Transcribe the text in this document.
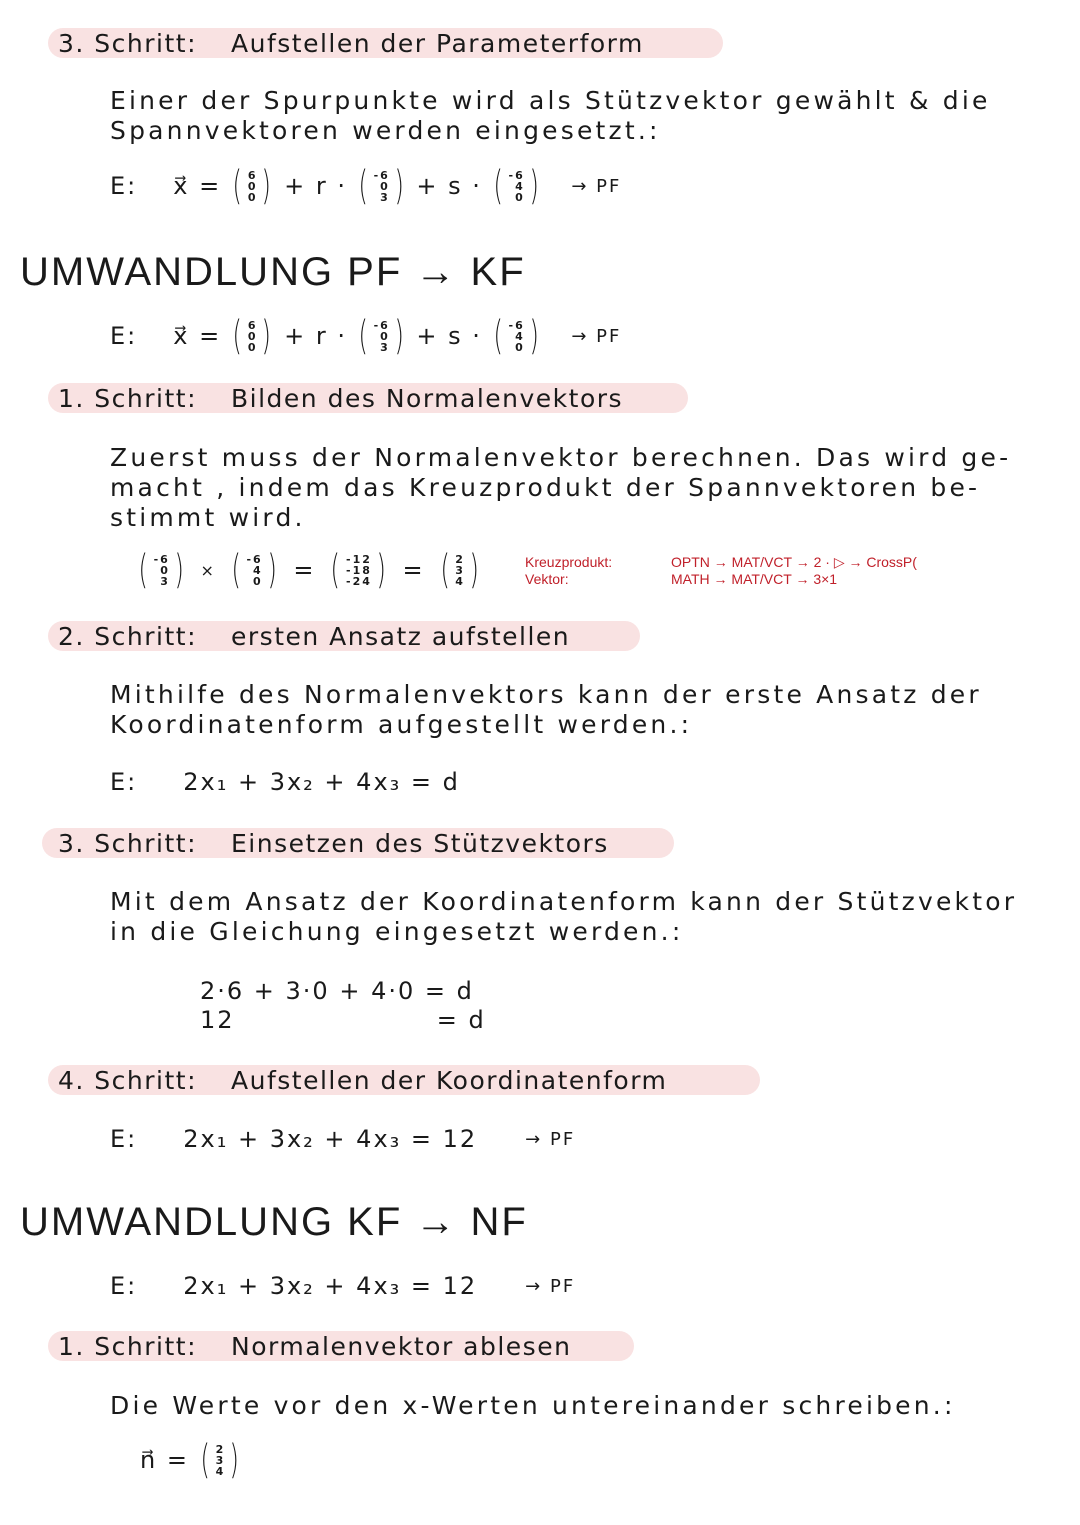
3. Schritt: Aufstellen der Parameterform
Einer der Spurpunkte wird als Stützvektor gewählt & die
Spannvektoren werden eingesetzt.:
E: x⃗ = ( 6
0
0 ) + r · ( -6
0
3 ) + s · ( -6
4
0 ) → PF
UMWANDLUNG PF → KF
E: x⃗ = ( 6
0
0 ) + r · ( -6
0
3 ) + s · ( -6
4
0 ) → PF
1. Schritt: Bilden des Normalenvektors
Zuerst muss der Normalenvektor berechnen. Das wird ge-
macht , indem das Kreuzprodukt der Spannvektoren be-
stimmt wird.
( -6
0
3 ) × ( -6
4
0 ) = ( -12
-18
-24 ) = ( 2
3
4 )	Kreuzprodukt:	OPTN → MAT/VCT → 2 · ▷ → CrossP(
Vektor:	MATH → MAT/VCT → 3×1
2. Schritt: ersten Ansatz aufstellen
Mithilfe des Normalenvektors kann der erste Ansatz der
Koordinatenform aufgestellt werden.:
E: 2x₁ + 3x₂ + 4x₃ = d
3. Schritt: Einsetzen des Stützvektors
Mit dem Ansatz der Koordinatenform kann der Stützvektor
in die Gleichung eingesetzt werden.:
2·6 + 3·0 + 4·0 = d
12                     = d
4. Schritt: Aufstellen der Koordinatenform
E: 2x₁ + 3x₂ + 4x₃ = 12	→ PF
UMWANDLUNG KF → NF
E: 2x₁ + 3x₂ + 4x₃ = 12	→ PF
1. Schritt: Normalenvektor ablesen
Die Werte vor den x-Werten untereinander schreiben.:
n⃗ = ( 2
3
4 )
